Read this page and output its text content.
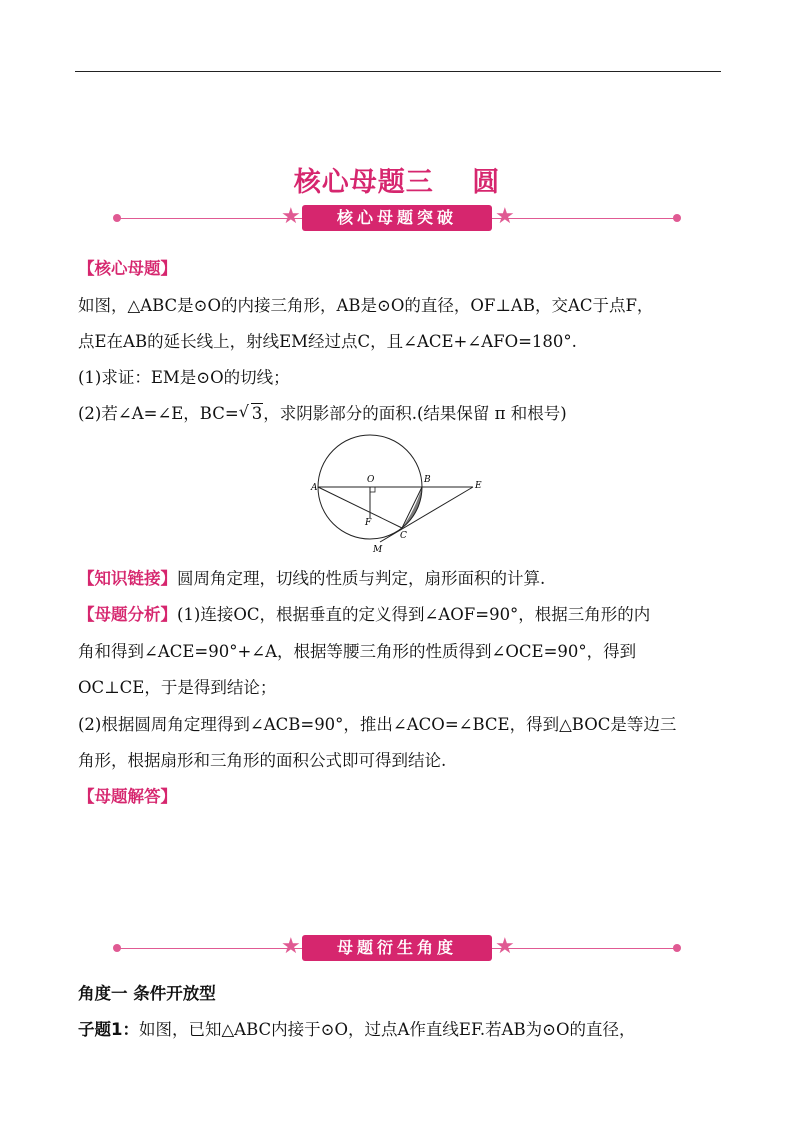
核心母题三　 圆
★	核心母题突破	★
【核心母题】
如图，△ABC是⊙O的内接三角形，AB是⊙O的直径，OF⊥AB，交AC于点F，
点E在AB的延长线上，射线EM经过点C，且∠ACE+∠AFO=180°.
(1)求证：EM是⊙O的切线；
(2)若∠A=∠E，BC= √ 3，求阴影部分的面积.(结果保留 π 和根号)
A
O	B
E
F
C
M
【知识链接】圆周角定理，切线的性质与判定，扇形面积的计算.
【母题分析】(1)连接OC，根据垂直的定义得到∠AOF=90°，根据三角形的内
角和得到∠ACE=90°+∠A，根据等腰三角形的性质得到∠OCE=90°，得到
OC⊥CE，于是得到结论；
(2)根据圆周角定理得到∠ACB=90°，推出∠ACO=∠BCE，得到△BOC是等边三
角形，根据扇形和三角形的面积公式即可得到结论.
【母题解答】
★	母题衍生角度	★
角度一 条件开放型
子题1：如图，已知△ABC内接于⊙O，过点A作直线EF.若AB为⊙O的直径，
